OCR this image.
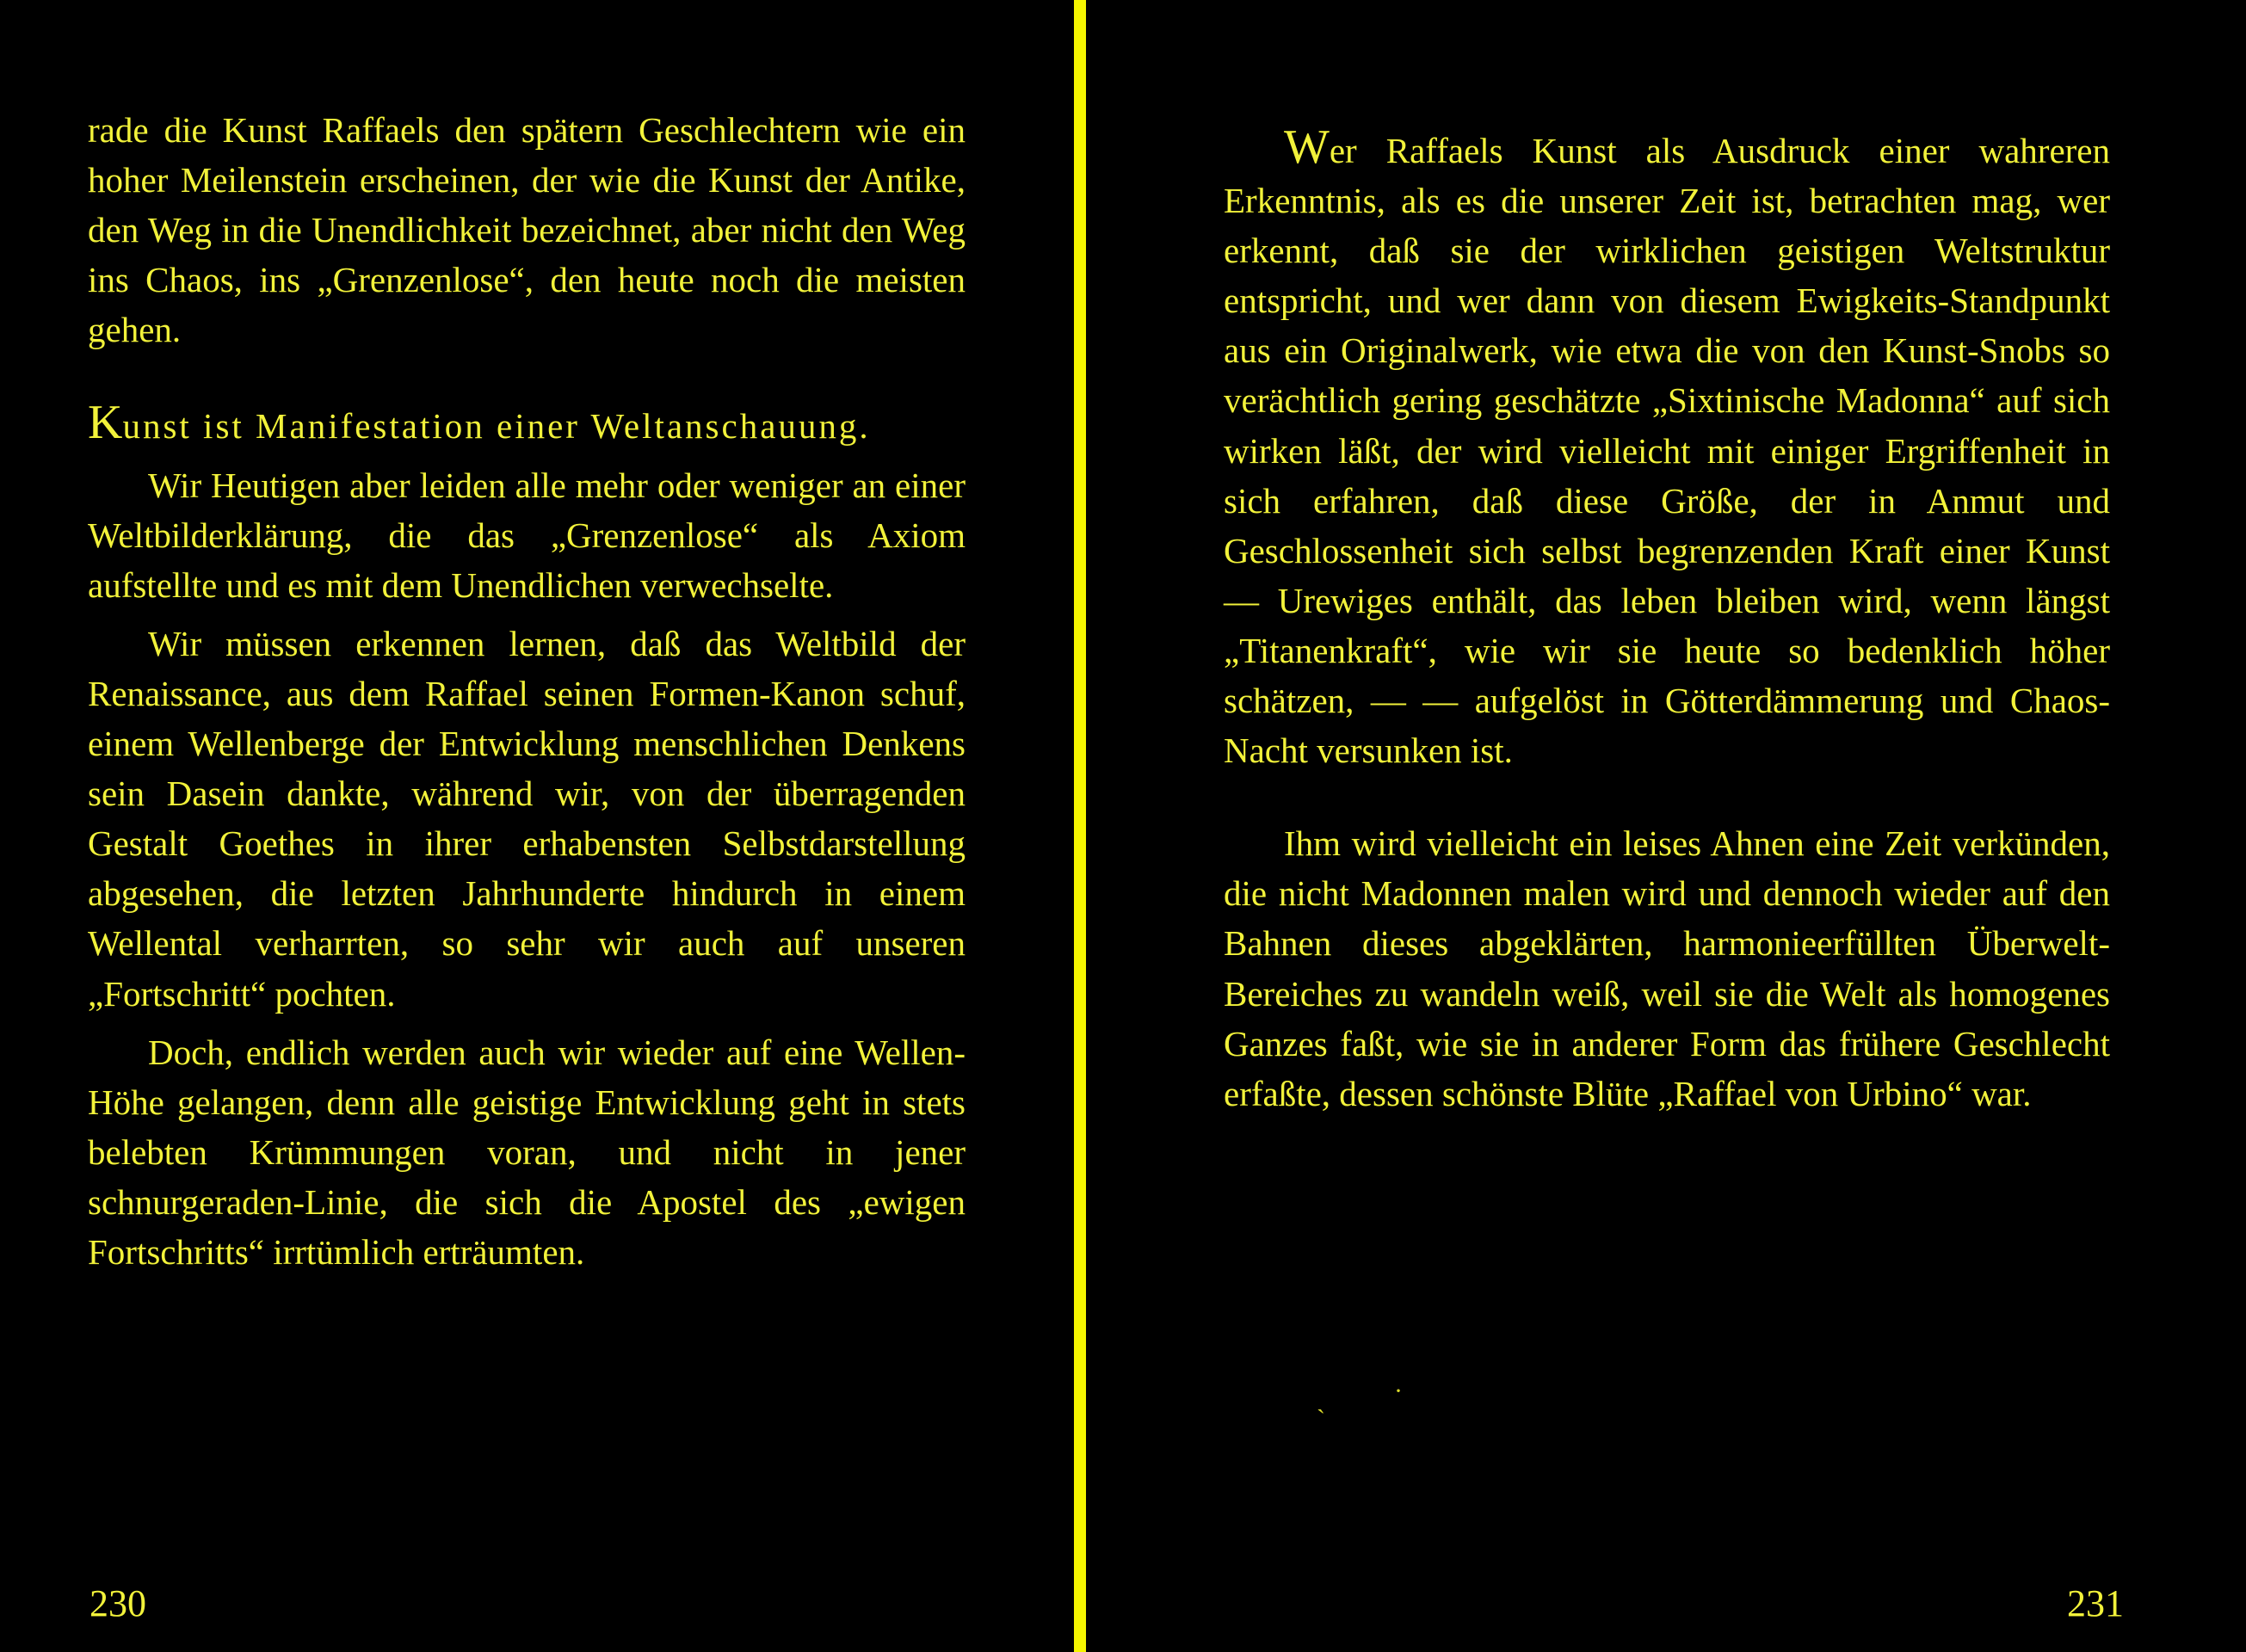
rade die Kunst Raffaels den spätern Geschlechtern wie ein hoher Meilenstein erscheinen, der wie die Kunst der Antike, den Weg in die Unendlichkeit bezeichnet, aber nicht den Weg ins Chaos, ins „Grenzenlose“, den heute noch die meisten gehen.

Kunst ist Manifestation einer Weltanschauung.

Wir Heutigen aber leiden alle mehr oder weniger an einer Weltbilderklärung, die das „Grenzenlose“ als Axiom aufstellte und es mit dem Unendlichen verwechselte.

Wir müssen erkennen lernen, daß das Weltbild der Renaissance, aus dem Raffael seinen Formen-Kanon schuf, einem Wellenberge der Entwicklung menschlichen Denkens sein Dasein dankte, während wir, von der überragenden Gestalt Goethes in ihrer erhabensten Selbstdarstellung abgesehen, die letzten Jahrhunderte hindurch in einem Wellental verharrten, so sehr wir auch auf unseren „Fortschritt“ pochten.

Doch, endlich werden auch wir wieder auf eine Wellen-Höhe gelangen, denn alle geistige Entwicklung geht in stets belebten Krümmungen voran, und nicht in jener schnurgeraden-Linie, die sich die Apostel des „ewigen Fortschritts“ irrtümlich erträumten.

230

Wer Raffaels Kunst als Ausdruck einer wahreren Erkenntnis, als es die unserer Zeit ist, betrachten mag, wer erkennt, daß sie der wirklichen geistigen Weltstruktur entspricht, und wer dann von diesem Ewigkeits-Standpunkt aus ein Originalwerk, wie etwa die von den Kunst-Snobs so verächtlich gering geschätzte „Sixtinische Madonna“ auf sich wirken läßt, der wird vielleicht mit einiger Ergriffenheit in sich erfahren, daß diese Größe, der in Anmut und Geschlossenheit sich selbst begrenzenden Kraft einer Kunst — Urewiges enthält, das leben bleiben wird, wenn längst „Titanenkraft“, wie wir sie heute so bedenklich höher schätzen, — — aufgelöst in Götterdämmerung und Chaos-Nacht versunken ist.

Ihm wird vielleicht ein leises Ahnen eine Zeit verkünden, die nicht Madonnen malen wird und dennoch wieder auf den Bahnen dieses abgeklärten, harmonieerfüllten Überwelt-Bereiches zu wandeln weiß, weil sie die Welt als homogenes Ganzes faßt, wie sie in anderer Form das frühere Geschlecht erfaßte, dessen schönste Blüte „Raffael von Urbino“ war.

ˏ	·
231
